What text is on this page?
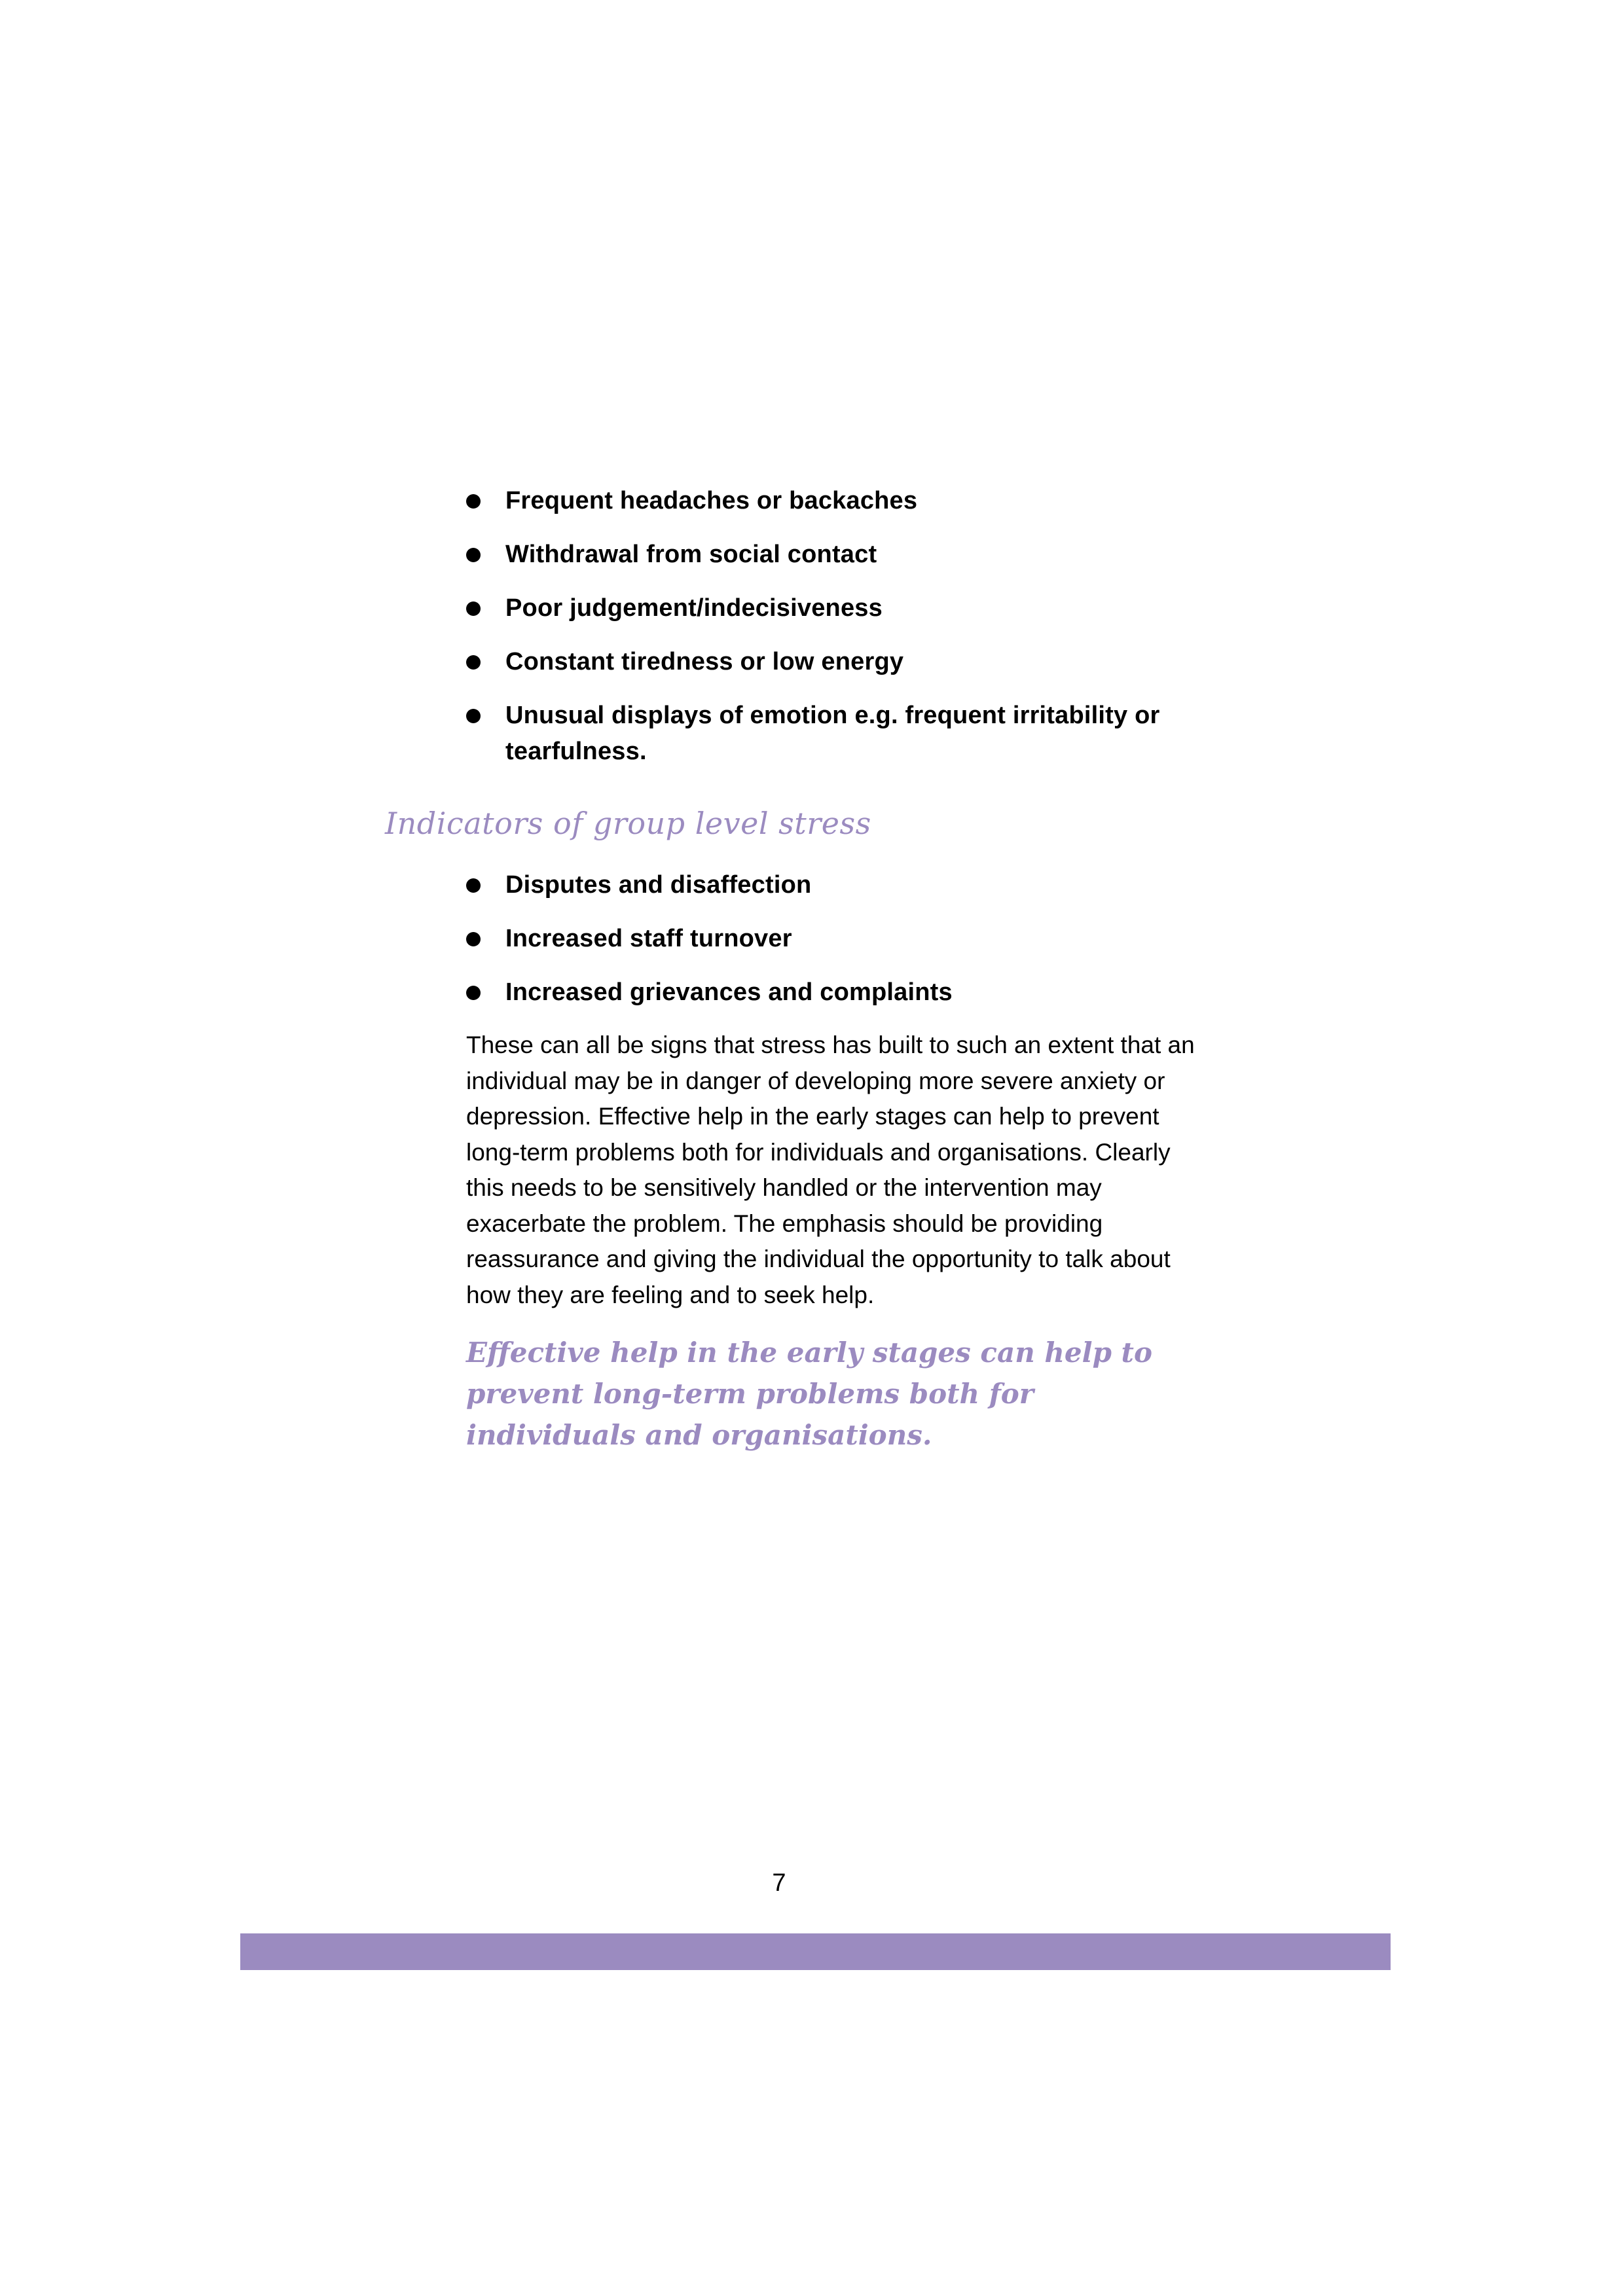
Frequent headaches or backaches
Withdrawal from social contact
Poor judgement/indecisiveness
Constant tiredness or low energy
Unusual displays of emotion e.g. frequent irritability or tearfulness.
Indicators of group level stress
Disputes and disaffection
Increased staff turnover
Increased grievances and complaints

These can all be signs that stress has built to such an extent that an individual may be in danger of developing more severe anxiety or depression. Effective help in the early stages can help to prevent long-term problems both for individuals and organisations. Clearly this needs to be sensitively handled or the intervention may exacerbate the problem. The emphasis should be providing reassurance and giving the individual the opportunity to talk about how they are feeling and to seek help.

Effective help in the early stages can help to prevent long-term problems both for individuals and organisations.

7
